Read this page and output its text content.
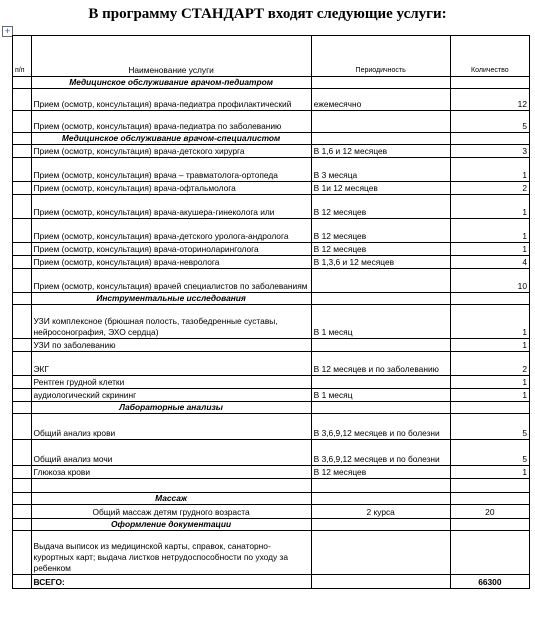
В программу СТАНДАРТ входят следующие услуги:
+
п/п	Наименование услуги	Периодичность	Количество
	Медицинское обслуживание врачом-педиатром		
	Прием (осмотр, консультация) врача-педиатра профилактический	ежемесячно	12
	Прием (осмотр, консультация) врача-педиатра по заболеванию		5
	Медицинское обслуживание врачом-специалистом		
	Прием (осмотр, консультация) врача-детского хирурга	В 1,6 и 12 месяцев	3
	Прием (осмотр, консультация) врача – травматолога-ортопеда	В 3 месяца	1
	Прием (осмотр, консультация) врача-офтальмолога	В 1и 12 месяцев	2
	Прием (осмотр, консультация) врача-акушера-гинеколога или	В 12 месяцев	1
	Прием (осмотр, консультация) врача-детского уролога-андролога	В 12 месяцев	1
	Прием (осмотр, консультация) врача-оториноларинголога	В 12 месяцев	1
	Прием (осмотр, консультация) врача-невролога	В 1,3,6 и 12 месяцев	4
	Прием (осмотр, консультация) врачей специалистов по заболеваниям		10
	Инструментальные исследования		
	УЗИ комплексное (брюшная полость, тазобедренные суставы, нейросонография, ЭХО сердца)	В 1 месяц	1
	УЗИ по заболеванию		1
	ЭКГ	В 12 месяцев и по заболеванию	2
	Рентген грудной клетки		1
	аудиологический скрининг	В 1 месяц	1
	Лабораторные анализы		
	Общий анализ крови	В 3,6,9,12 месяцев и по болезни	5
	Общий анализ мочи	В 3,6,9,12 месяцев и по болезни	5
	Глюкоза крови	В 12 месяцев	1

	Массаж		
	Общий массаж детям грудного возраста	2 курса	20
	Оформление документации		
	Выдача выписок из медицинской карты, справок, санаторно-курортных карт; выдача листков нетрудоспособности по уходу за ребенком		
	ВСЕГО:		66300
